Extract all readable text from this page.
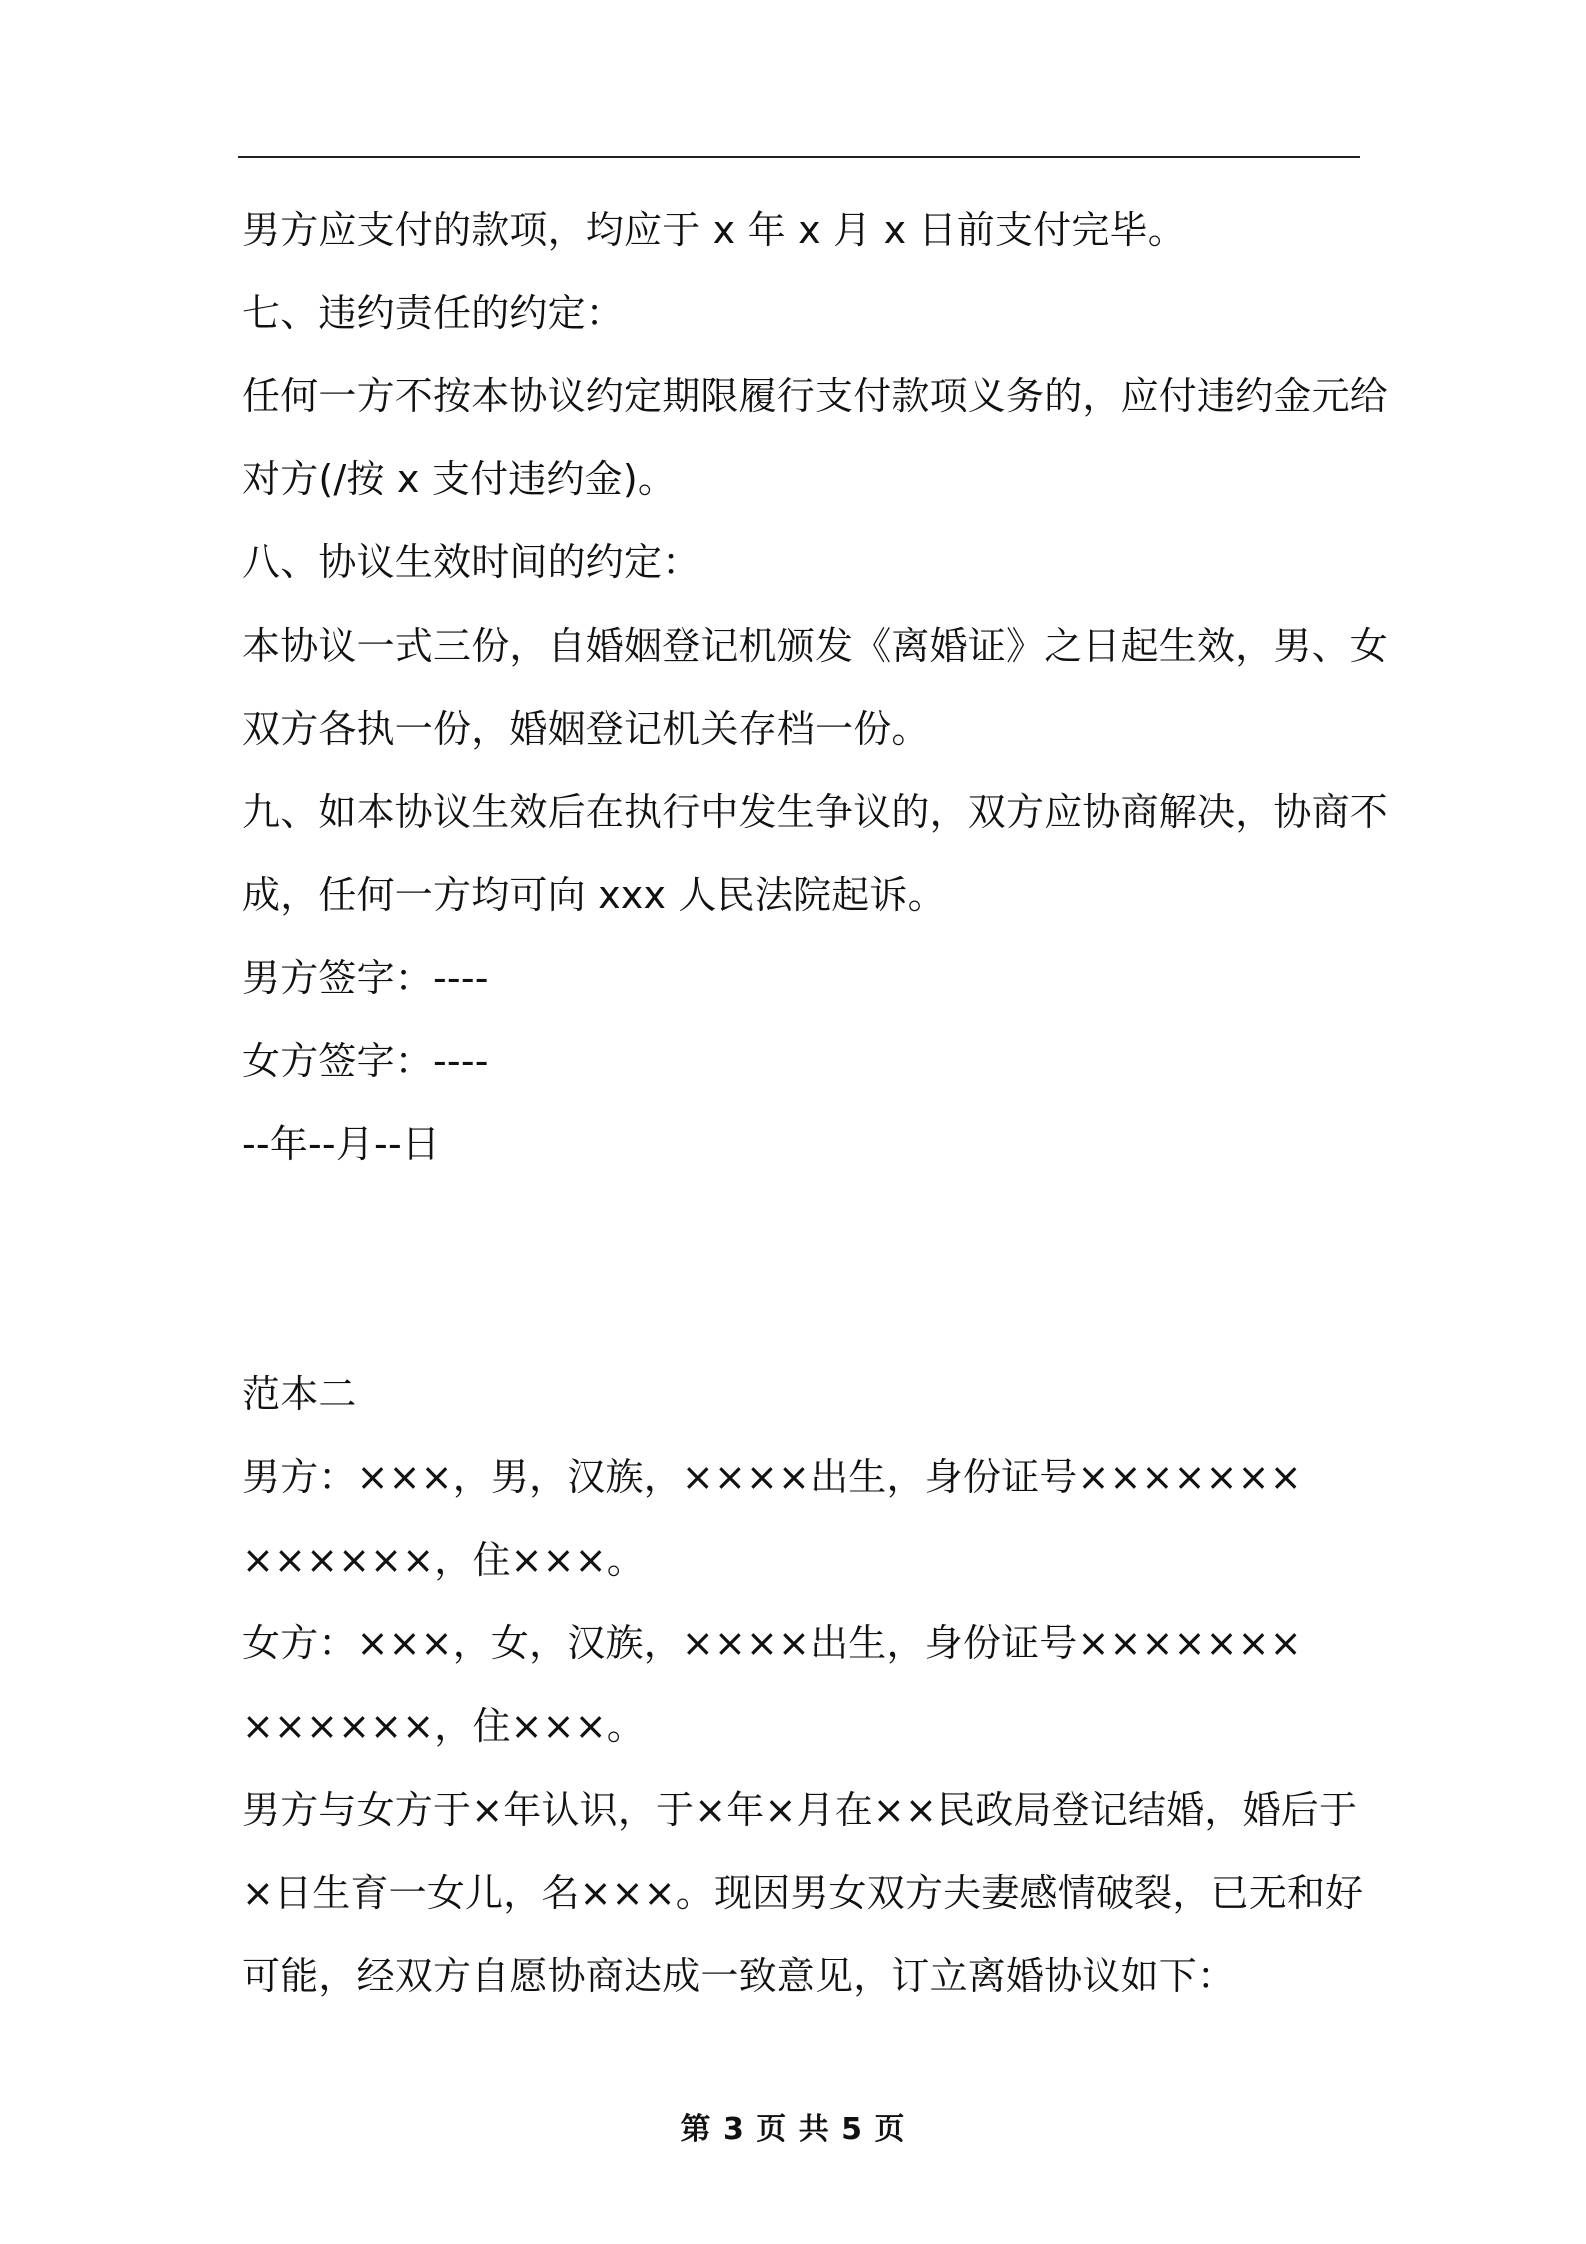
男方应支付的款项，均应于 x 年 x 月 x 日前支付完毕。
七、违约责任的约定：
任何一方不按本协议约定期限履行支付款项义务的，应付违约金元给
对方(/按 x 支付违约金)。
八、协议生效时间的约定：
本协议一式三份，自婚姻登记机颁发《离婚证》之日起生效，男、女
双方各执一份，婚姻登记机关存档一份。
九、如本协议生效后在执行中发生争议的，双方应协商解决，协商不
成，任何一方均可向 xxx 人民法院起诉。
男方签字：----
女方签字：----
--年--月--日
范本二
男方：×××，男，汉族，××××出生，身份证号×××××××
××××××，住×××。
女方：×××，女，汉族，××××出生，身份证号×××××××
××××××，住×××。
男方与女方于×年认识，于×年×月在××民政局登记结婚，婚后于
×日生育一女儿，名×××。现因男女双方夫妻感情破裂，已无和好
可能，经双方自愿协商达成一致意见，订立离婚协议如下：
第 3 页 共 5 页
